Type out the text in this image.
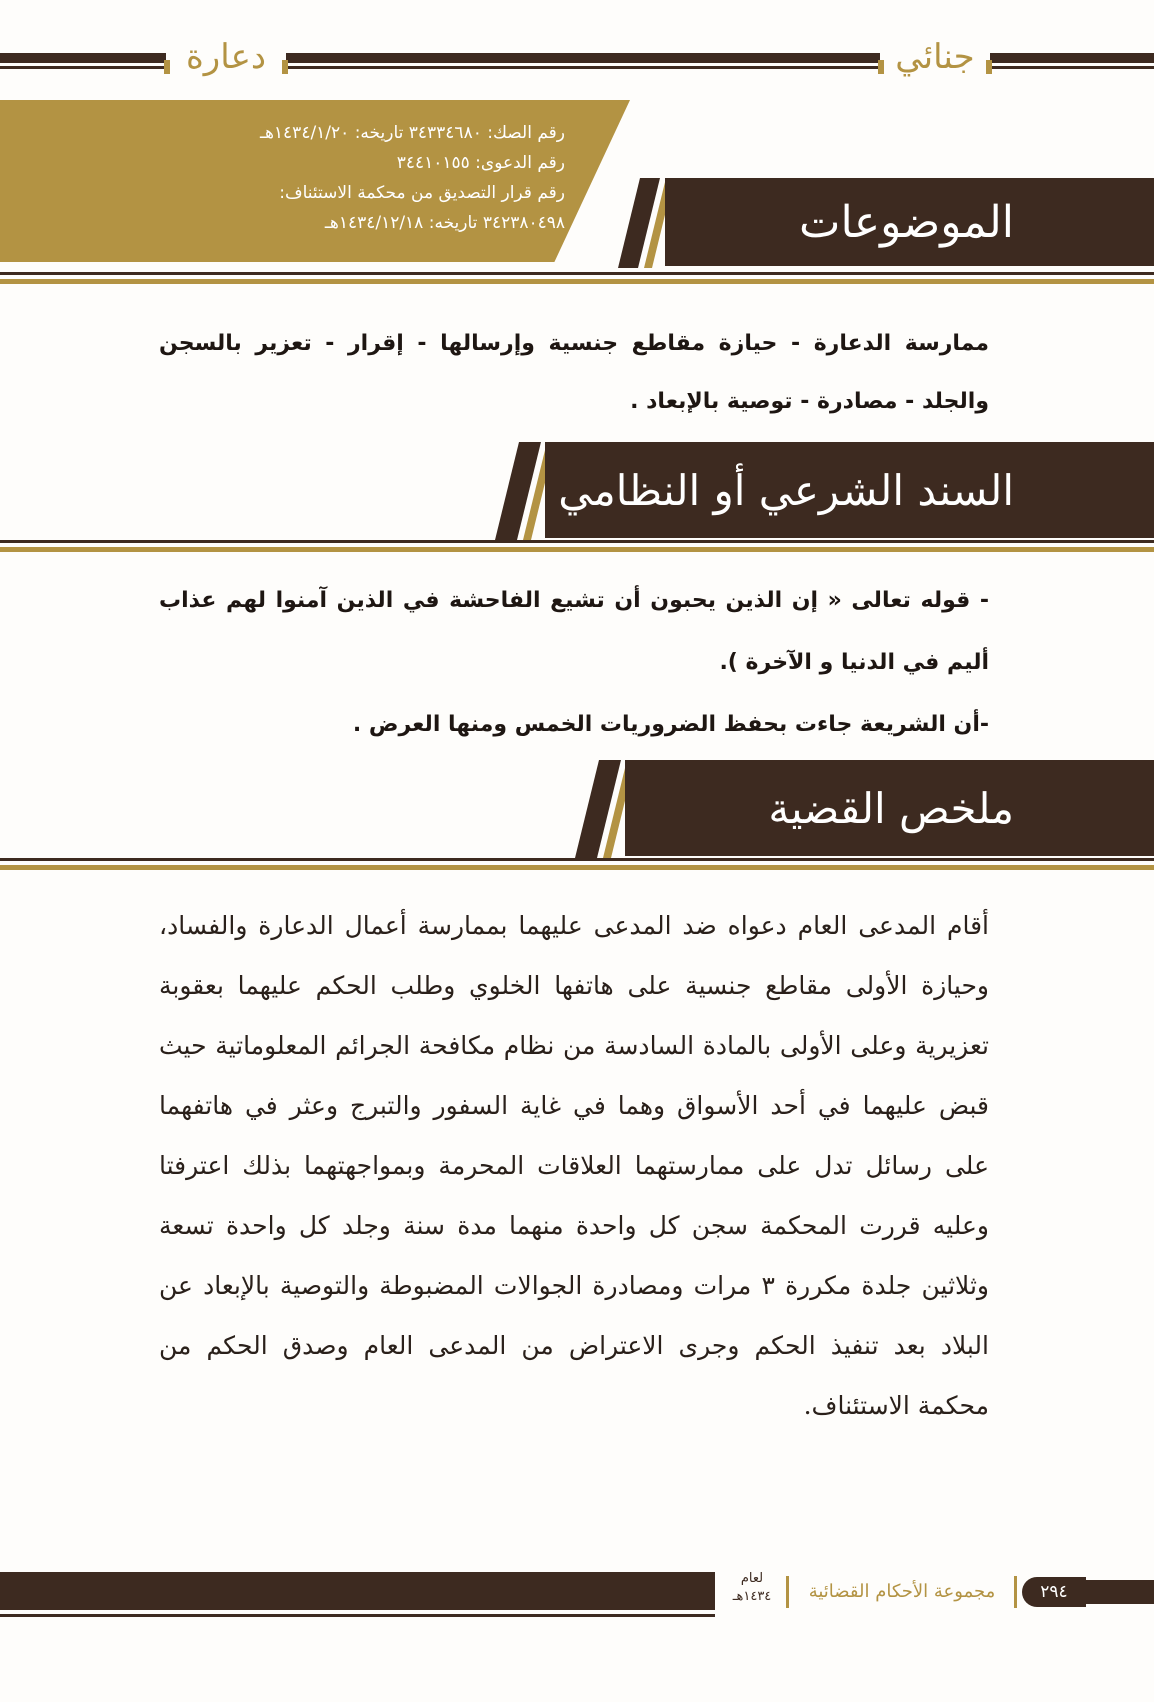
جنائي
دعارة
رقم الصك: ٣٤٣٣٤٦٨٠ تاريخه: ١٤٣٤/١/٢٠هـ
رقم الدعوى: ٣٤٤١٠١٥٥
رقم قرار التصديق من محكمة الاستئناف:
٣٤٢٣٨٠٤٩٨ تاريخه: ١٤٣٤/١٢/١٨هـ	الموضوعات
ممارسة الدعارة - حيازة مقاطع جنسية وإرسالها - إقرار - تعزير بالسجن والجلد - مصادرة - توصية بالإبعاد .
السند الشرعي أو النظامي
- قوله تعالى « إن الذين يحبون أن تشيع الفاحشة في الذين آمنوا لهم عذاب أليم في الدنيا و الآخرة ).
-أن الشريعة جاءت بحفظ الضروريات الخمس ومنها العرض .
ملخص القضية
أقام المدعى العام دعواه ضد المدعى عليهما بممارسة أعمال الدعارة والفساد، وحيازة الأولى مقاطع جنسية على هاتفها الخلوي وطلب الحكم عليهما بعقوبة تعزيرية وعلى الأولى بالمادة السادسة من نظام مكافحة الجرائم المعلوماتية حيث قبض عليهما في أحد الأسواق وهما في غاية السفور والتبرج وعثر في هاتفهما على رسائل تدل على ممارستهما العلاقات المحرمة وبمواجهتهما بذلك اعترفتا وعليه قررت المحكمة سجن كل واحدة منهما مدة سنة وجلد كل واحدة تسعة وثلاثين جلدة مكررة ٣ مرات ومصادرة الجوالات المضبوطة والتوصية بالإبعاد عن البلاد بعد تنفيذ الحكم وجرى الاعتراض من المدعى العام وصدق الحكم من محكمة الاستئناف.
لعام
١٤٣٤هـ	مجموعة الأحكام القضائية	٢٩٤
